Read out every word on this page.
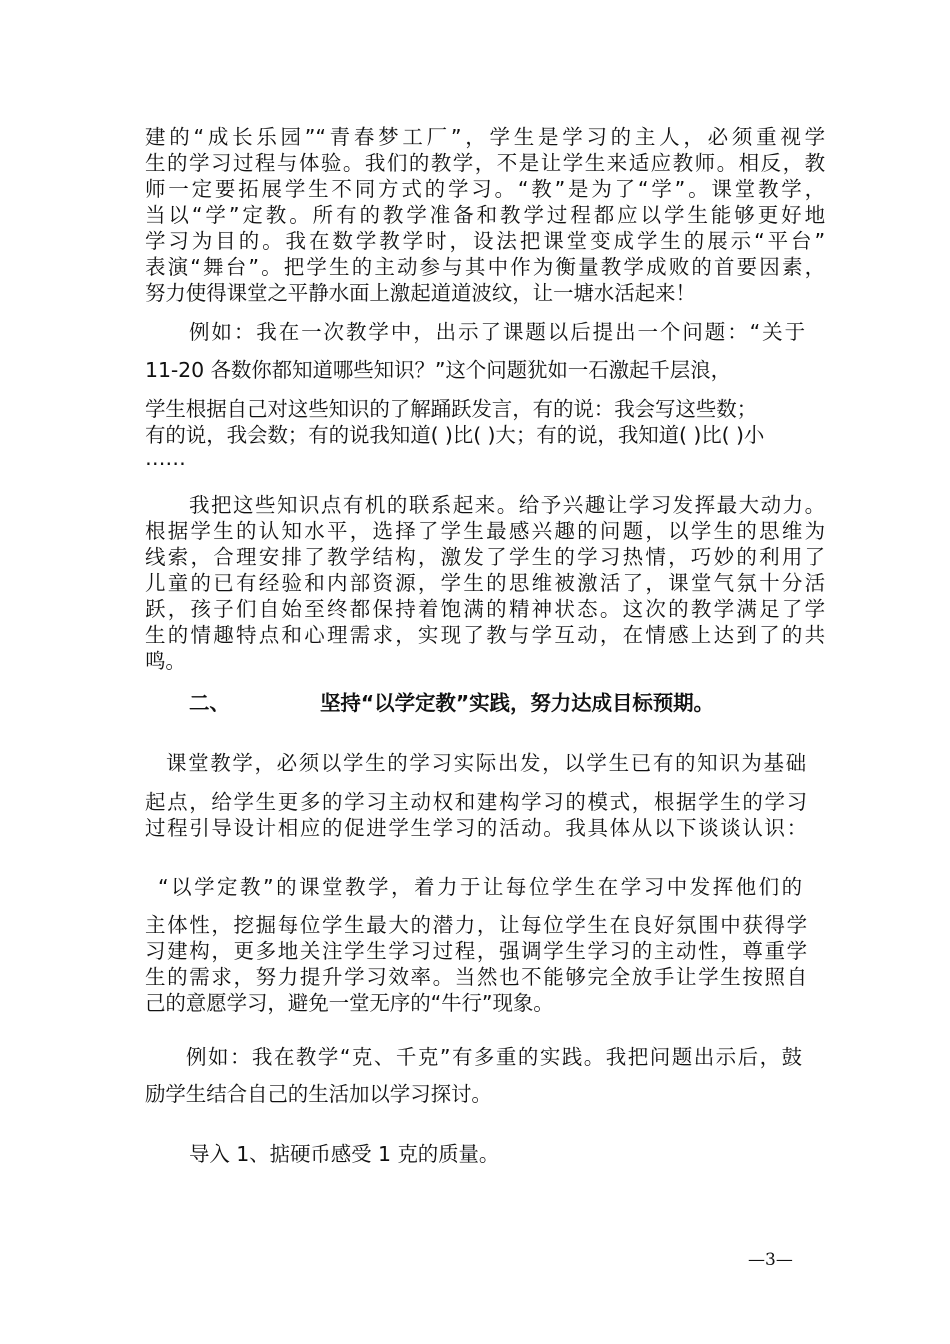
建的“成长乐园”“青春梦工厂”，学生是学习的主人，必须重视学
生的学习过程与体验。我们的教学，不是让学生来适应教师。相反，教
师一定要拓展学生不同方式的学习。“教”是为了“学”。课堂教学，
当以“学”定教。所有的教学准备和教学过程都应以学生能够更好地
学习为目的。我在数学教学时，设法把课堂变成学生的展示“平台”
表演“舞台”。把学生的主动参与其中作为衡量教学成败的首要因素，
努力使得课堂之平静水面上激起道道波纹，让一塘水活起来！
例如：我在一次教学中，出示了课题以后提出一个问题：“关于
11-20 各数你都知道哪些知识？”这个问题犹如一石激起千层浪，
学生根据自己对这些知识的了解踊跃发言，有的说：我会写这些数；
有的说，我会数；有的说我知道( )比( )大；有的说，我知道( )比( )小
……
我把这些知识点有机的联系起来。给予兴趣让学习发挥最大动力。
根据学生的认知水平，选择了学生最感兴趣的问题，以学生的思维为
线索，合理安排了教学结构，激发了学生的学习热情，巧妙的利用了
儿童的已有经验和内部资源，学生的思维被激活了，课堂气氛十分活
跃，孩子们自始至终都保持着饱满的精神状态。这次的教学满足了学
生的情趣特点和心理需求，实现了教与学互动，在情感上达到了的共
鸣。
二、	坚持“以学定教”实践，努力达成目标预期。
课堂教学，必须以学生的学习实际出发，以学生已有的知识为基础
起点，给学生更多的学习主动权和建构学习的模式，根据学生的学习
过程引导设计相应的促进学生学习的活动。我具体从以下谈谈认识：
“以学定教”的课堂教学，着力于让每位学生在学习中发挥他们的
主体性，挖掘每位学生最大的潜力，让每位学生在良好氛围中获得学
习建构，更多地关注学生学习过程，强调学生学习的主动性，尊重学
生的需求，努力提升学习效率。当然也不能够完全放手让学生按照自
己的意愿学习，避免一堂无序的“牛行”现象。
例如：我在教学“克、千克”有多重的实践。我把问题出示后，鼓
励学生结合自己的生活加以学习探讨。
导入 1、掂硬币感受 1 克的质量。
—3—
